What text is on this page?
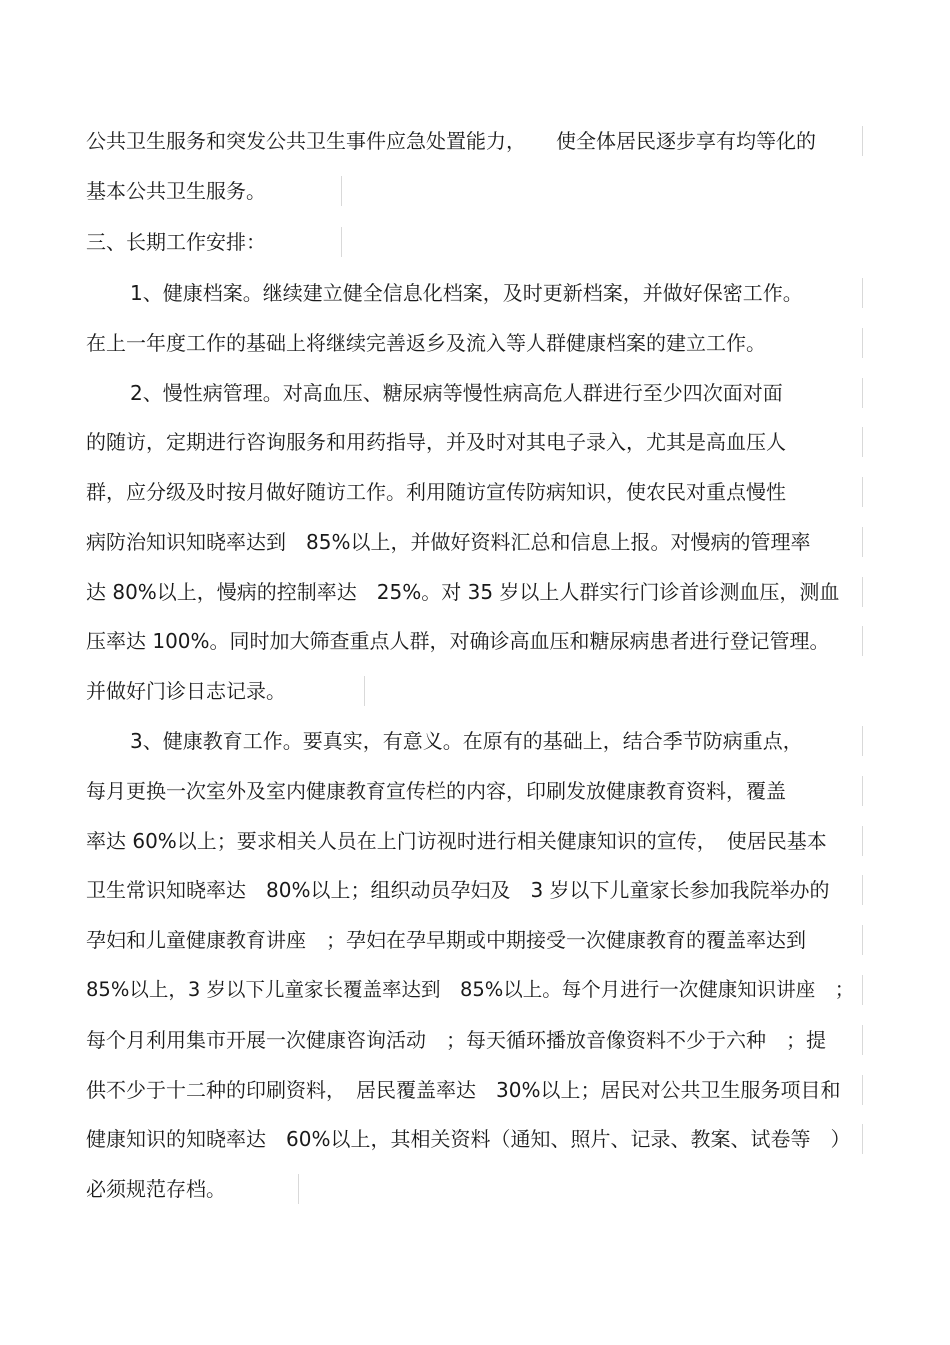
公共卫生服务和突发公共卫生事件应急处置能力，　　使全体居民逐步享有均等化的
基本公共卫生服务。
三、长期工作安排：
1、健康档案。继续建立健全信息化档案，及时更新档案，并做好保密工作。
在上一年度工作的基础上将继续完善返乡及流入等人群健康档案的建立工作。
2、慢性病管理。对高血压、糖尿病等慢性病高危人群进行至少四次面对面
的随访，定期进行咨询服务和用药指导，并及时对其电子录入，尤其是高血压人
群，应分级及时按月做好随访工作。利用随访宣传防病知识，使农民对重点慢性
病防治知识知晓率达到　85%以上，并做好资料汇总和信息上报。对慢病的管理率
达 80%以上，慢病的控制率达　25%。对 35 岁以上人群实行门诊首诊测血压，测血
压率达 100%。同时加大筛查重点人群，对确诊高血压和糖尿病患者进行登记管理。
并做好门诊日志记录。
3、健康教育工作。要真实，有意义。在原有的基础上，结合季节防病重点，
每月更换一次室外及室内健康教育宣传栏的内容，印刷发放健康教育资料，覆盖
率达 60%以上；要求相关人员在上门访视时进行相关健康知识的宣传，　使居民基本
卫生常识知晓率达　80%以上；组织动员孕妇及　3 岁以下儿童家长参加我院举办的
孕妇和儿童健康教育讲座　；孕妇在孕早期或中期接受一次健康教育的覆盖率达到
85%以上，3 岁以下儿童家长覆盖率达到　85%以上。每个月进行一次健康知识讲座　；
每个月利用集市开展一次健康咨询活动　；每天循环播放音像资料不少于六种　；提
供不少于十二种的印刷资料，　居民覆盖率达　30%以上；居民对公共卫生服务项目和
健康知识的知晓率达　60%以上，其相关资料（通知、照片、记录、教案、试卷等　）
必须规范存档。
